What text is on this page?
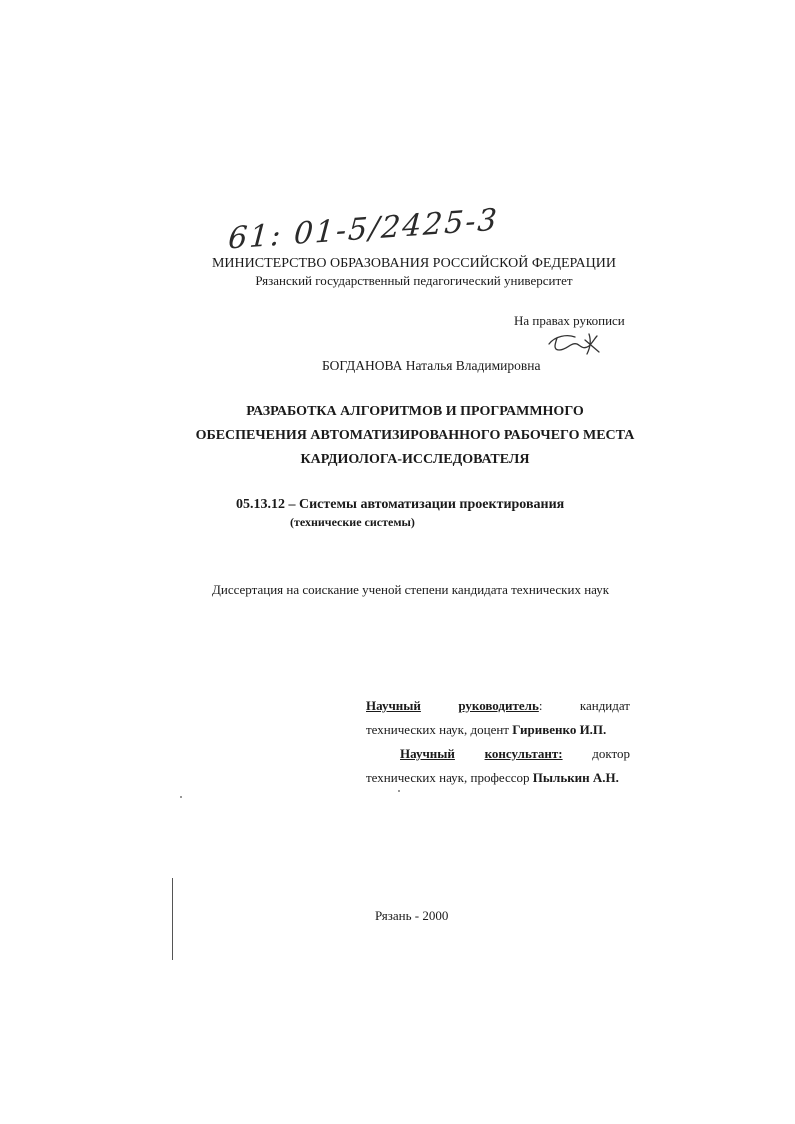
61: 01-5/2425-3
МИНИСТЕРСТВО ОБРАЗОВАНИЯ РОССИЙСКОЙ ФЕДЕРАЦИИ
Рязанский государственный педагогический университет
На правах рукописи
БОГДАНОВА Наталья Владимировна
РАЗРАБОТКА АЛГОРИТМОВ И ПРОГРАММНОГО
ОБЕСПЕЧЕНИЯ АВТОМАТИЗИРОВАННОГО РАБОЧЕГО МЕСТА
КАРДИОЛОГА-ИССЛЕДОВАТЕЛЯ
05.13.12 – Системы автоматизации проектирования
(технические системы)
Диссертация на соискание ученой степени кандидата технических наук
Научный	руководитель:	кандидат
технических наук, доцент Гиривенко И.П.
Научный консультант: доктор
технических наук, профессор Пылькин А.Н.
Рязань - 2000
